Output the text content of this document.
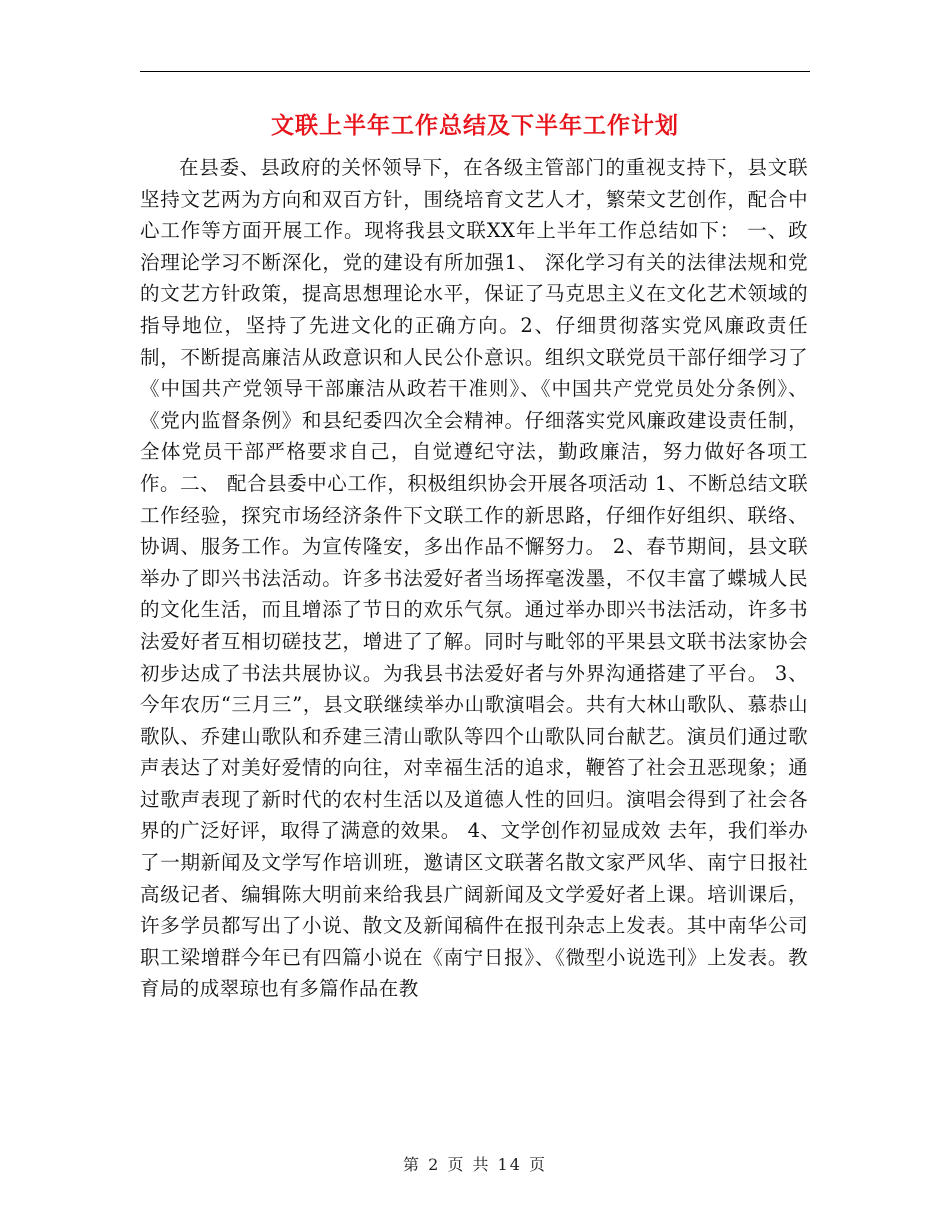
文联上半年工作总结及下半年工作计划

在县委、县政府的关怀领导下，在各级主管部门的重视支持下，县文联坚持文艺两为方向和双百方针，围绕培育文艺人才，繁荣文艺创作，配合中心工作等方面开展工作。现将我县文联XX年上半年工作总结如下： 一、政治理论学习不断深化，党的建设有所加强1、 深化学习有关的法律法规和党的文艺方针政策，提高思想理论水平，保证了马克思主义在文化艺术领域的指导地位，坚持了先进文化的正确方向。2、仔细贯彻落实党风廉政责任制，不断提高廉洁从政意识和人民公仆意识。组织文联党员干部仔细学习了《中国共产党领导干部廉洁从政若干准则》、《中国共产党党员处分条例》、《党内监督条例》和县纪委四次全会精神。仔细落实党风廉政建设责任制，全体党员干部严格要求自己，自觉遵纪守法，勤政廉洁，努力做好各项工作。二、 配合县委中心工作，积极组织协会开展各项活动 1、不断总结文联工作经验，探究市场经济条件下文联工作的新思路，仔细作好组织、联络、协调、服务工作。为宣传隆安，多出作品不懈努力。 2、春节期间，县文联举办了即兴书法活动。许多书法爱好者当场挥毫泼墨，不仅丰富了蝶城人民的文化生活，而且增添了节日的欢乐气氛。通过举办即兴书法活动，许多书法爱好者互相切磋技艺，增进了了解。同时与毗邻的平果县文联书法家协会初步达成了书法共展协议。为我县书法爱好者与外界沟通搭建了平台。 3、今年农历“三月三”，县文联继续举办山歌演唱会。共有大林山歌队、慕恭山歌队、乔建山歌队和乔建三清山歌队等四个山歌队同台献艺。演员们通过歌声表达了对美好爱情的向往，对幸福生活的追求，鞭笞了社会丑恶现象；通过歌声表现了新时代的农村生活以及道德人性的回归。演唱会得到了社会各界的广泛好评，取得了满意的效果。 4、文学创作初显成效 去年，我们举办了一期新闻及文学写作培训班，邀请区文联著名散文家严风华、南宁日报社高级记者、编辑陈大明前来给我县广阔新闻及文学爱好者上课。培训课后，许多学员都写出了小说、散文及新闻稿件在报刊杂志上发表。其中南华公司职工梁增群今年已有四篇小说在《南宁日报》、《微型小说选刊》上发表。教育局的成翠琼也有多篇作品在教

第 2 页 共 14 页
